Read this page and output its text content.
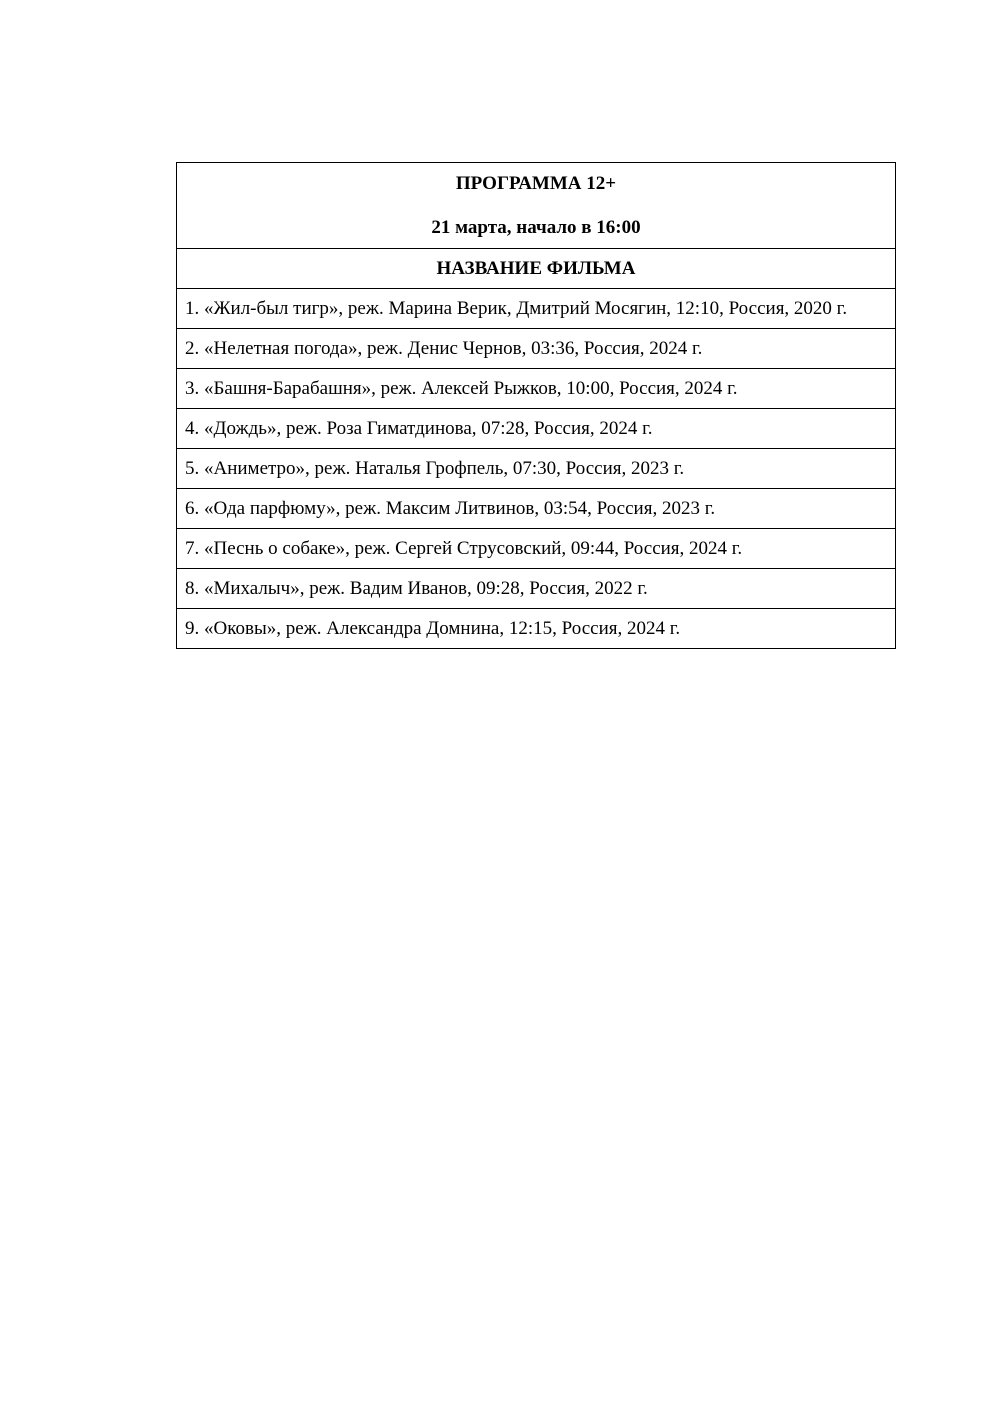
ПРОГРАММА 12+
21 марта, начало в 16:00

НАЗВАНИЕ ФИЛЬМА
1. «Жил-был тигр», реж. Марина Верик, Дмитрий Мосягин, 12:10, Россия, 2020 г.
2. «Нелетная погода», реж. Денис Чернов, 03:36, Россия, 2024 г.
3. «Башня-Барабашня», реж. Алексей Рыжков, 10:00, Россия, 2024 г.
4. «Дождь», реж. Роза Гиматдинова, 07:28, Россия, 2024 г.
5. «Аниметро», реж. Наталья Грофпель, 07:30, Россия, 2023 г.
6. «Ода парфюму», реж. Максим Литвинов, 03:54, Россия, 2023 г.
7. «Песнь о собаке», реж. Сергей Струсовский, 09:44, Россия, 2024 г.
8. «Михалыч», реж. Вадим Иванов, 09:28, Россия, 2022 г.
9. «Оковы», реж. Александра Домнина, 12:15, Россия, 2024 г.
